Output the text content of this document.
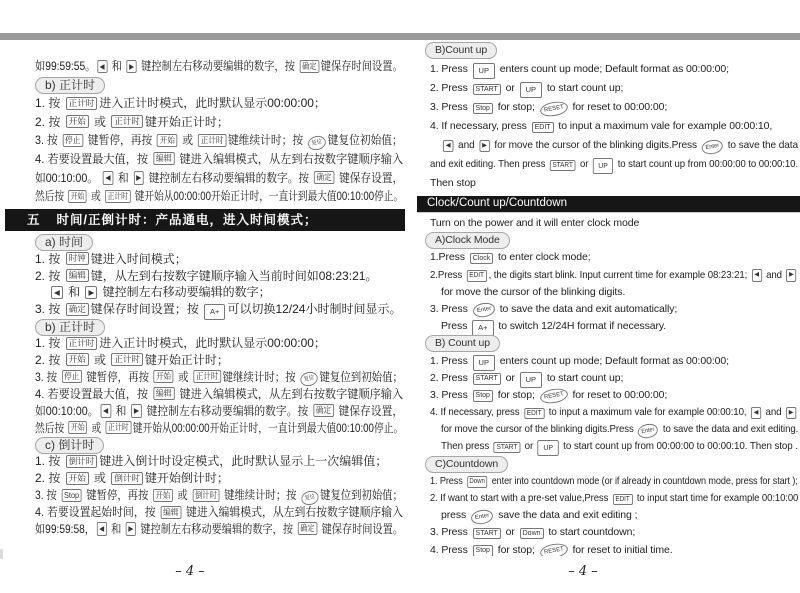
如99:59:55。 ◀ 和 ▶ 键控制左右移动要编辑的数字，按 确定 键保存时间设置。
b) 正计时
1. 按 正计时 进入正计时模式，此时默认显示00:00:00；
2. 按 开始 或 正计时 键开始正计时；
3. 按 停止 键暂停，再按 开始 或 正计时 键维续计时；按 复位 键复位初始值；
4. 若要设置最大值，按 编辑 键进入编辑模式，从左到右按数字键顺序输入
如00:10:00。 ◀ 和 ▶ 键控制左右移动要编辑的数字。按 确定 键保存设置，
然后按 开始 或 正计时 键开始从00:00:00开始正计时，一直计到最大值00:10:00停止。
五 时间/正倒计时：产品通电，进入时间模式；
a) 时间
1. 按 时钟 键进入时间模式；
2. 按 编辑 键，从左到右按数字键顺序输入当前时间如08:23:21。
◀ 和 ▶ 键控制左右移动要编辑的数字；
3. 按 确定 键保存时间设置；按 A+ 可以切换12/24小时制时间显示。
b) 正计时
1. 按 正计时 进入正计时模式，此时默认显示00:00:00；
2. 按 开始 或 正计时 键开始正计时；
3. 按 停止 键暂停，再按 开始 或 正计时 键继续计时；按 复位 键复位到初始值；
4. 若要设置最大值，按 编辑 键进入编辑模式，从左到右按数字键顺序输入
如00:10:00。 ◀ 和 ▶ 键控制左右移动要编辑的数字。按 确定 键保存设置，
然后按 开始 或 正计时 键开始从00:00:00开始正计时，一直计到最大值00:10:00停止。
c) 倒计时
1. 按 倒计时 键进入倒计时设定模式，此时默认显示上一次编辑值；
2. 按 开始 或 倒计时 键开始倒计时；
3. 按 Stop 键暂停，再按 开始 或 倒计时 键维续计时；按 复位 键复位到初始值；
4. 若要设置起始时间，按 编辑 键进入编辑模式，从左到右按数字键顺序输入
如99:59:58， ◀ 和 ▶ 键控制左右移动要编辑的数字，按 确定 键保存时间设置。
B)Count up
1. Press UP enters count up mode; Default format as 00:00:00;
2. Press START or UP to start count up;
3. Press Stop for stop; RESET for reset to 00:00:00;
4. If necessary, press EDIT to input a maximum vale for example 00:00:10,
◀ and ▶ for move the cursor of the blinking digits.Press Enter to save the data
and exit editing. Then press START or UP to start count up from 00:00:00 to 00:00:10.
Then stop
Clock/Count up/Countdown
Turn on the power and it will enter clock mode
A)Clock Mode
1.Press Clock to enter clock mode;
2.Press EDIT , the digits start blink. Input current time for example 08:23:21; ◀ and ▶
for move the cursor of the blinking digits.
3. Press Enter to save the data and exit automatically;
Press A+ to switch 12/24H format if necessary.
B) Count up
1. Press UP enters count up mode; Default format as 00:00:00;
2. Press START or UP to start count up;
3. Press Stop for stop; RESET for reset to 00:00:00;
4. If necessary, press EDIT to input a maximum vale for example 00:00:10, ◀ and ▶
for move the cursor of the blinking digits.Press Enter to save the data and exit editing.
Then press START or UP to start count up from 00:00:00 to 00:00:10. Then stop .
C)Countdown
1. Press Down enter into countdown mode (or if already in countdown mode, press for start );
2. If want to start with a pre-set value,Press EDIT to input start time for example 00:10:00
press Enter save the data and exit editing ;
3. Press START or Down to start countdown;
4. Press Stop for stop; RESET for reset to initial time.
– 4 –	– 4 –
